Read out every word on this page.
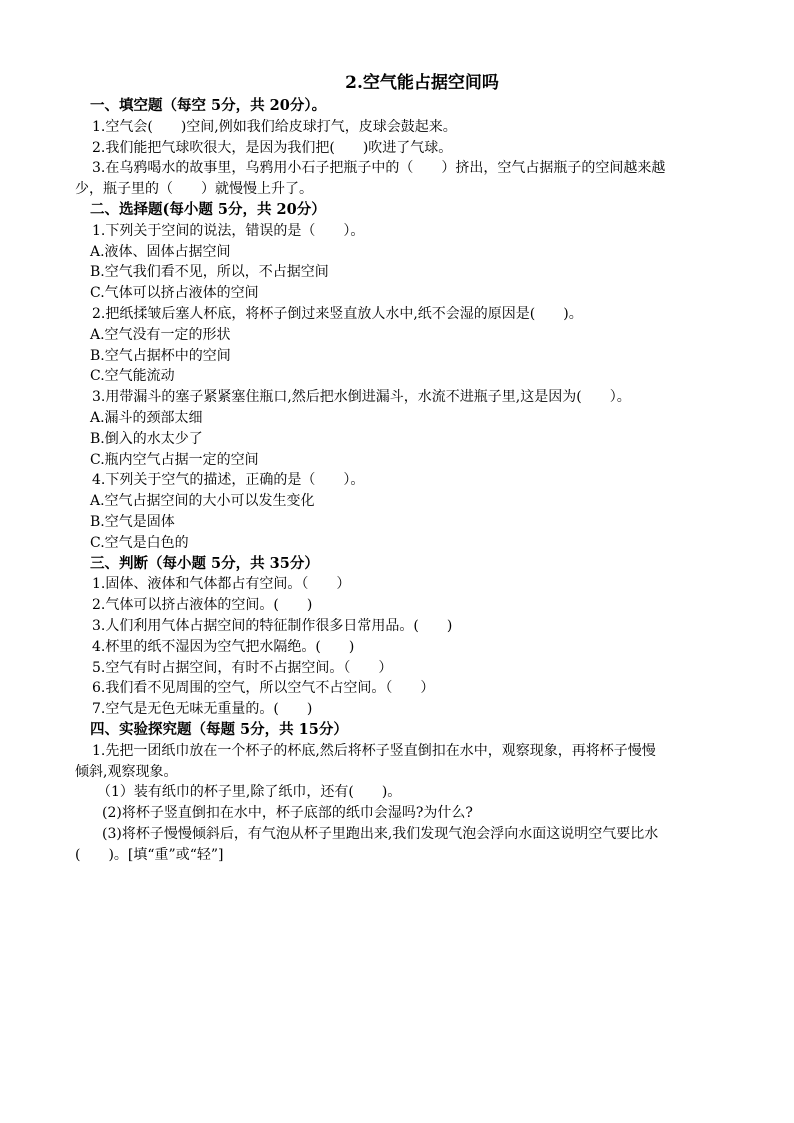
2.空气能占据空间吗
一、填空题（每空 5分，共 20分）。
1.空气会(　　)空间,例如我们给皮球打气，皮球会鼓起来。
2.我们能把气球吹很大，是因为我们把(　　)吹进了气球。
3.在乌鸦喝水的故事里，乌鸦用小石子把瓶子中的（　　）挤出，空气占据瓶子的空间越来越
少，瓶子里的（　　）就慢慢上升了。
二、选择题(每小题 5分，共 20分）
1.下列关于空间的说法，错误的是（　　）。
A.液体、固体占据空间
B.空气我们看不见，所以，不占据空间
C.气体可以挤占液体的空间
2.把纸揉皱后塞人杯底，将杯子倒过来竖直放人水中,纸不会湿的原因是(　　)。
A.空气没有一定的形状
B.空气占据杯中的空间
C.空气能流动
3.用带漏斗的塞子紧紧塞住瓶口,然后把水倒进漏斗，水流不进瓶子里,这是因为(　　）。
A.漏斗的颈部太细
B.倒入的水太少了
C.瓶内空气占据一定的空间
4.下列关于空气的描述，正确的是（　　）。
A.空气占据空间的大小可以发生变化
B.空气是固体
C.空气是白色的
三、判断（每小题 5分，共 35分）
1.固体、液体和气体都占有空间。（　　）
2.气体可以挤占液体的空间。(　　)
3.人们利用气体占据空间的特征制作很多日常用品。(　　)
4.杯里的纸不湿因为空气把水隔绝。(　　)
5.空气有时占据空间，有时不占据空间。（　　）
6.我们看不见周围的空气，所以空气不占空间。（　　）
7.空气是无色无味无重量的。(　　)
四、实验探究题（每题 5分，共 15分）
1.先把一团纸巾放在一个杯子的杯底,然后将杯子竖直倒扣在水中，观察现象，再将杯子慢慢
倾斜,观察现象。
（1）装有纸巾的杯子里,除了纸巾，还有(　　)。
(2)将杯子竖直倒扣在水中，杯子底部的纸巾会湿吗?为什么?
(3)将杯子慢慢倾斜后，有气泡从杯子里跑出来,我们发现气泡会浮向水面这说明空气要比水
(　　)。[填“重”或“轻”]
